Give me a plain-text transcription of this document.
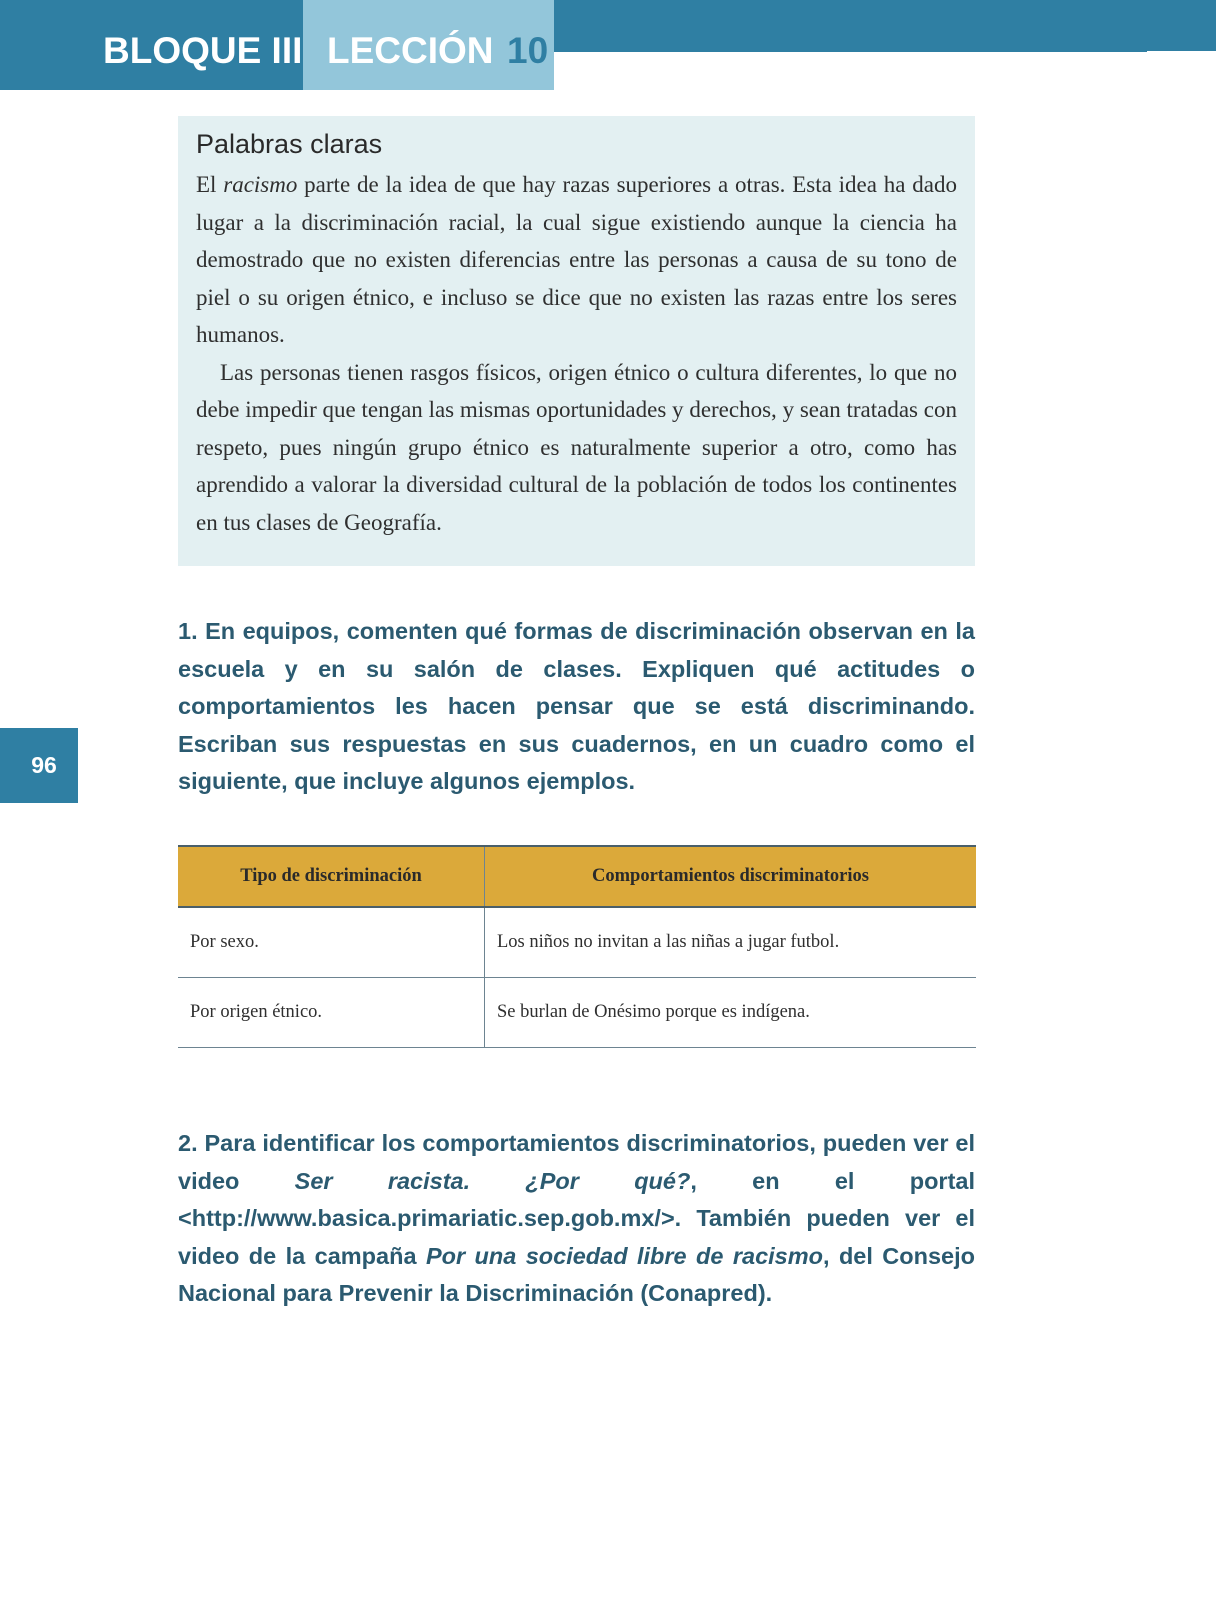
BLOQUE III LECCIÓN 10
96

Palabras claras

El racismo parte de la idea de que hay razas superiores a otras. Esta idea ha dado lugar a la discriminación racial, la cual sigue existiendo aunque la ciencia ha demostrado que no existen diferencias entre las personas a causa de su tono de piel o su origen étnico, e incluso se dice que no existen las razas entre los seres humanos.

Las personas tienen rasgos físicos, origen étnico o cultura diferentes, lo que no debe impedir que tengan las mismas oportunidades y derechos, y sean tratadas con respeto, pues ningún grupo étnico es naturalmente superior a otro, como has aprendido a valorar la diversidad cultural de la población de todos los continentes en tus clases de Geografía.

1. En equipos, comenten qué formas de discriminación observan en la escuela y en su salón de clases. Expliquen qué actitudes o comportamientos les hacen pensar que se está discriminando. Escriban sus respuestas en sus cuadernos, en un cuadro como el siguiente, que incluye algunos ejemplos.

Tipo de discriminación	Comportamientos discriminatorios
Por sexo.	Los niños no invitan a las niñas a jugar futbol.
Por origen étnico.	Se burlan de Onésimo porque es indígena.

2. Para identificar los comportamientos discriminatorios, pueden ver el video Ser racista. ¿Por qué?, en el portal <http://www.basica.primariatic.sep.gob.mx/>. También pueden ver el video de la campaña Por una sociedad libre de racismo, del Consejo Nacional para Prevenir la Discriminación (Conapred).
